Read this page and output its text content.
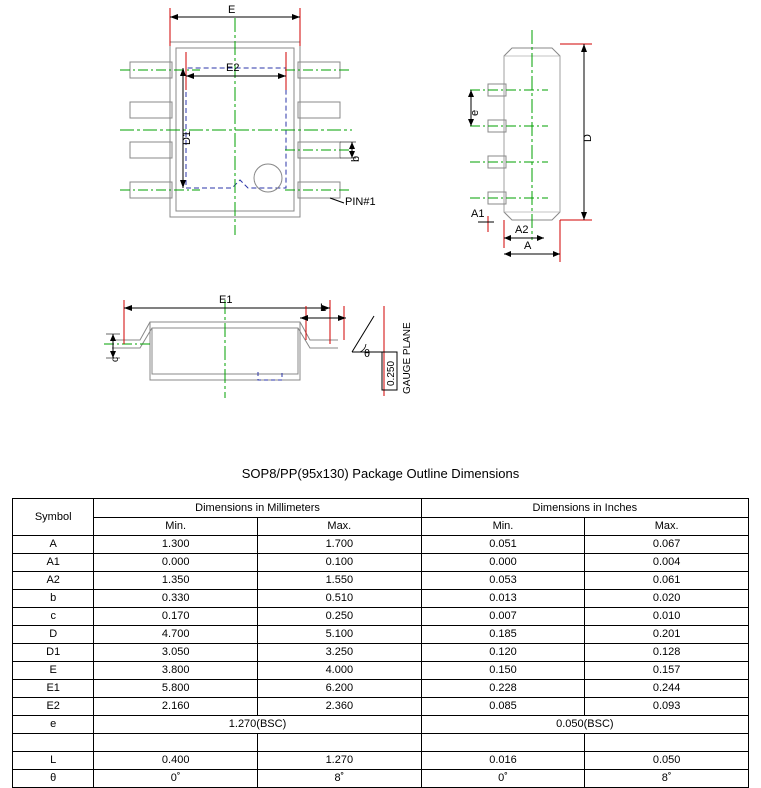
E
E2
D1
b
PIN#1
D
e
A1
A2
A
E1
L
c	θ
0.250 GAUGE PLANE
SOP8/PP(95x130) Package Outline Dimensions
Symbol	Dimensions in Millimeters		Dimensions in Inches	
	Min.	Max.	Min.	Max.
A	1.300	1.700	0.051	0.067
A1	0.000	0.100	0.000	0.004
A2	1.350	1.550	0.053	0.061
b	0.330	0.510	0.013	0.020
c	0.170	0.250	0.007	0.010
D	4.700	5.100	0.185	0.201
D1	3.050	3.250	0.120	0.128
E	3.800	4.000	0.150	0.157
E1	5.800	6.200	0.228	0.244
E2	2.160	2.360	0.085	0.093
e	1.270(BSC)		0.050(BSC)	

L	0.400	1.270	0.016	0.050
θ	0˚	8˚	0˚	8˚
